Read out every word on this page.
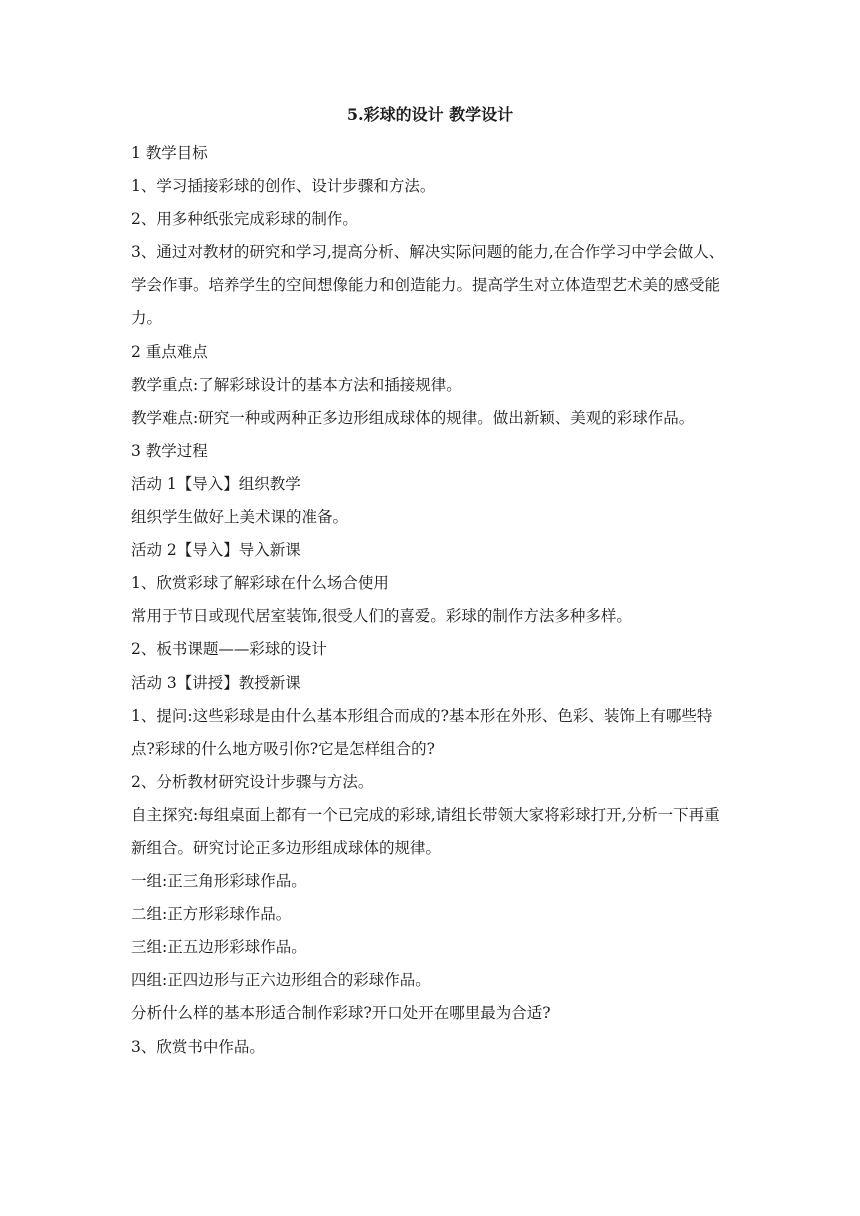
5.彩球的设计 教学设计
1 教学目标
1、学习插接彩球的创作、设计步骤和方法。
2、用多种纸张完成彩球的制作。
3、通过对教材的研究和学习,提高分析、解决实际问题的能力,在合作学习中学会做人、学会作事。培养学生的空间想像能力和创造能力。提高学生对立体造型艺术美的感受能力。
2 重点难点
教学重点:了解彩球设计的基本方法和插接规律。
教学难点:研究一种或两种正多边形组成球体的规律。做出新颖、美观的彩球作品。
3 教学过程
活动 1【导入】组织教学
组织学生做好上美术课的准备。
活动 2【导入】导入新课
1、欣赏彩球了解彩球在什么场合使用
常用于节日或现代居室装饰,很受人们的喜爱。彩球的制作方法多种多样。
2、板书课题——彩球的设计
活动 3【讲授】教授新课
1、提问:这些彩球是由什么基本形组合而成的?基本形在外形、色彩、装饰上有哪些特点?彩球的什么地方吸引你?它是怎样组合的?
2、分析教材研究设计步骤与方法。
自主探究:每组桌面上都有一个已完成的彩球,请组长带领大家将彩球打开,分析一下再重新组合。研究讨论正多边形组成球体的规律。
一组:正三角形彩球作品。
二组:正方形彩球作品。
三组:正五边形彩球作品。
四组:正四边形与正六边形组合的彩球作品。
分析什么样的基本形适合制作彩球?开口处开在哪里最为合适?
3、欣赏书中作品。
